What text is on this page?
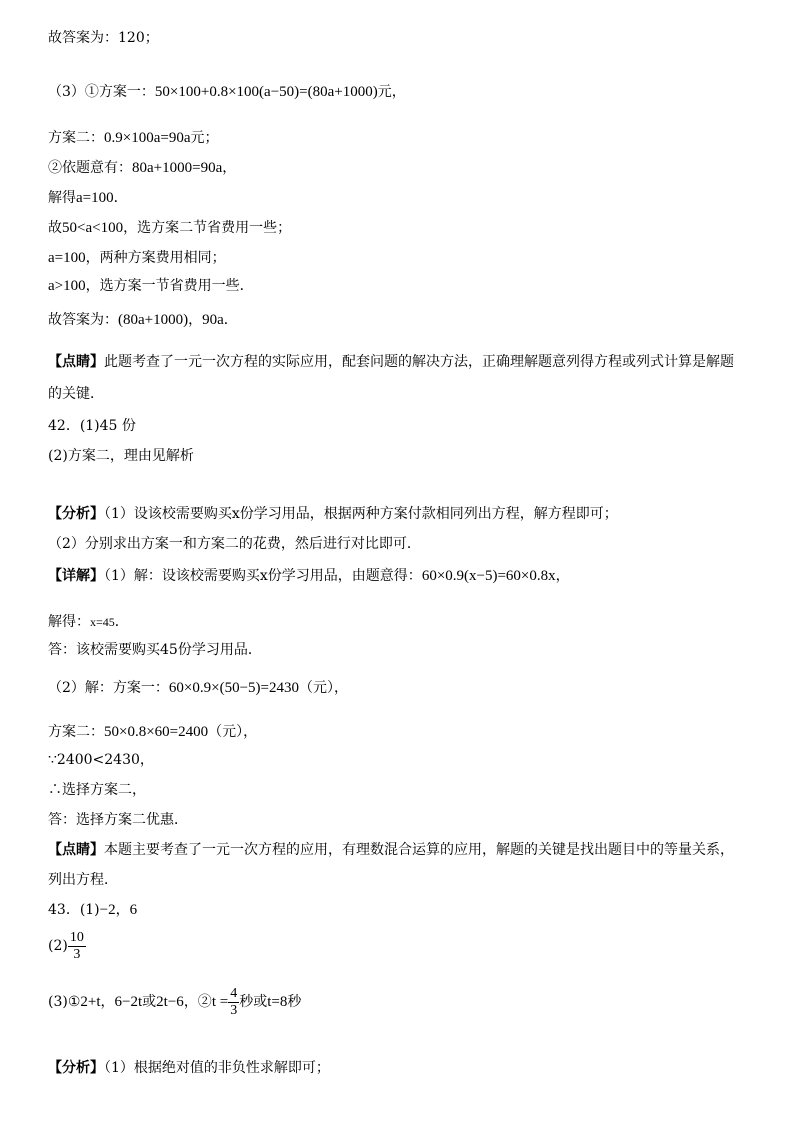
故答案为：120；
（3）①方案一：50×100+0.8×100(a−50)=(80a+1000)元，
方案二：0.9×100a=90a元；
②依题意有：80a+1000=90a，
解得a=100．
故50<a<100，选方案二节省费用一些；
a=100，两种方案费用相同；
a>100，选方案一节省费用一些．
故答案为：(80a+1000)，90a．
【点睛】此题考查了一元一次方程的实际应用，配套问题的解决方法，正确理解题意列得方程或列式计算是解题
的关键．
42．(1)45 份
(2)方案二，理由见解析
【分析】（1）设该校需要购买x份学习用品，根据两种方案付款相同列出方程，解方程即可；
（2）分别求出方案一和方案二的花费，然后进行对比即可．
【详解】（1）解：设该校需要购买x份学习用品，由题意得：60×0.9(x−5)=60×0.8x，
解得：x=45．
答：该校需要购买45份学习用品．
（2）解：方案一：60×0.9×(50−5)=2430（元），
方案二：50×0.8×60=2400（元），
∵2400<2430，
∴选择方案二，
答：选择方案二优惠．
【点睛】本题主要考查了一元一次方程的应用，有理数混合运算的应用，解题的关键是找出题目中的等量关系，
列出方程．
43．(1)−2，6
$(2) \frac{10}{3}$
(3)①2+t，6−2t或2t−6，②t = $\frac{4}{3}$ 秒或t=8秒
【分析】（1）根据绝对值的非负性求解即可；
